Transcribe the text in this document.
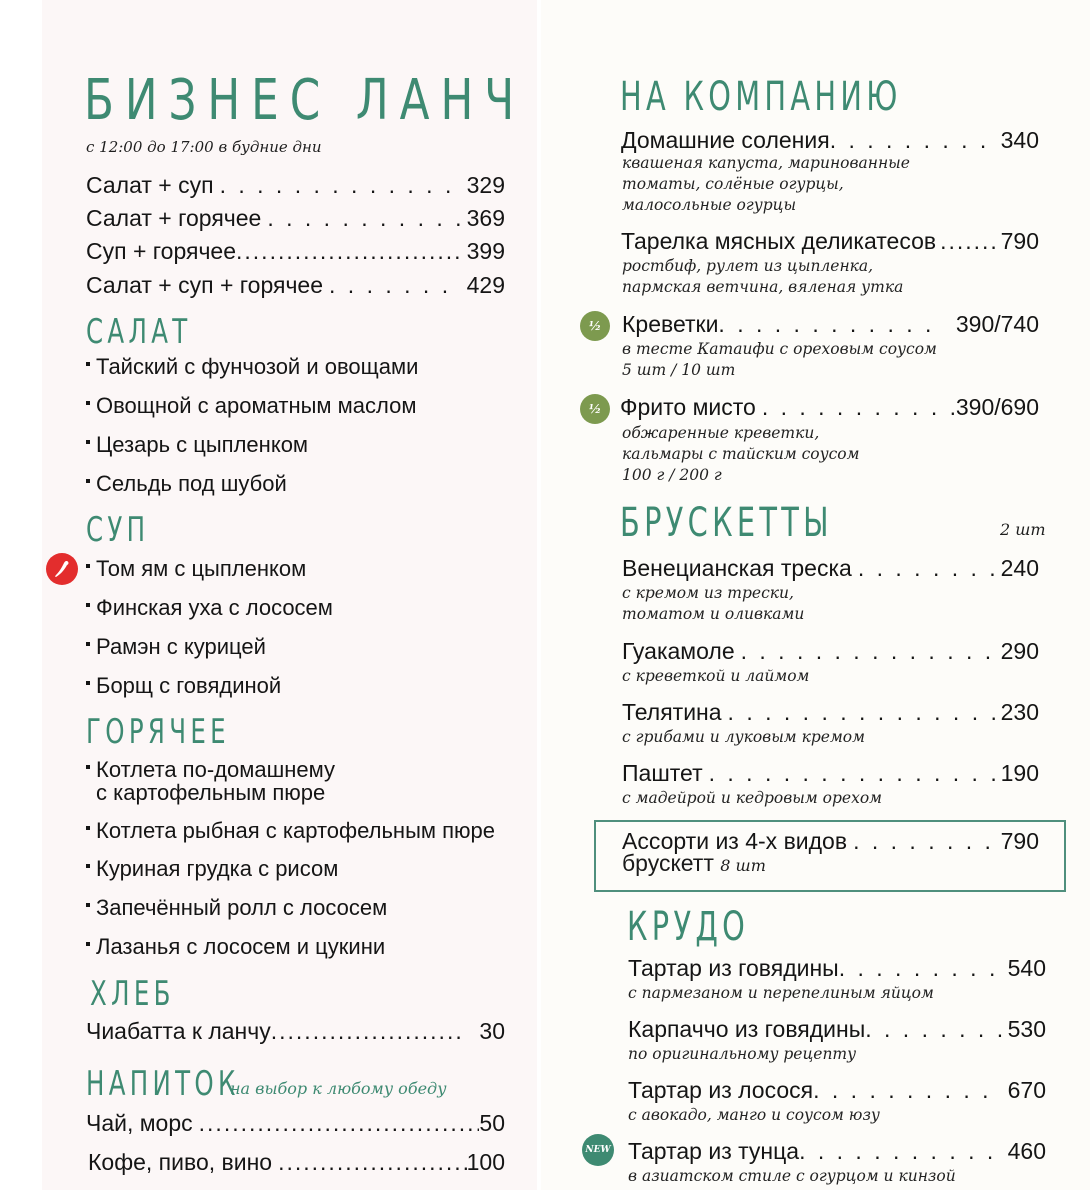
БИЗНЕС ЛАНЧ
с 12:00 до 17:00 в будние дни
Салат + суп . . .	329
Салат + горячее . . .	369
Суп + горячее .....	399
Салат + суп + горячее . . .	429
САЛАТ
Тайский с фунчозой и овощами
Овощной с ароматным маслом
Цезарь с цыпленком
Сельдь под шубой
СУП
Том ям с цыпленком
Финская уха с лососем
Рамэн с курицей
Борщ с говядиной
ГОРЯЧЕЕ
Котлета по-домашнему
с картофельным пюре
Котлета рыбная с картофельным пюре
Куриная грудка с рисом
Запечённый ролл с лососем
Лазанья с лососем и цукини
ХЛЕБ
Чиабатта к ланчу .....	30
НАПИТОК
на выбор к любому обеду
Чай, морс .....	50
Кофе, пиво, вино .....	100
НА КОМПАНИЮ
Домашние соления . . .	340
квашеная капуста, маринованные
томаты, солёные огурцы,
малосольные огурцы
Тарелка мясных деликатесов .....	790
ростбиф, рулет из цыпленка,
пармская ветчина, вяленая утка
½ Креветки . . .	390/740
в тесте Катаифи с ореховым соусом
5 шт / 10 шт
½ Фрито мисто . . .	390/690
обжаренные креветки,
кальмары с тайским соусом
100 г / 200 г
БРУСКЕТТЫ	2 шт
Венецианская треска . . .	240
с кремом из трески,
томатом и оливками
Гуакамоле . . .	290
с креветкой и лаймом
Телятина . . .	230
с грибами и луковым кремом
Паштет . . .	190
с мадейрой и кедровым орехом
Ассорти из 4-х видов . . .	790
брускетт 8 шт
КРУДО
Тартар из говядины . . .	540
с пармезаном и перепелиным яйцом
Карпаччо из говядины . . .	530
по оригинальному рецепту
Тартар из лосося . . .	670
с авокадо, манго и соусом юзу
NEW Тартар из тунца . . .	460
в азиатском стиле с огурцом и кинзой
